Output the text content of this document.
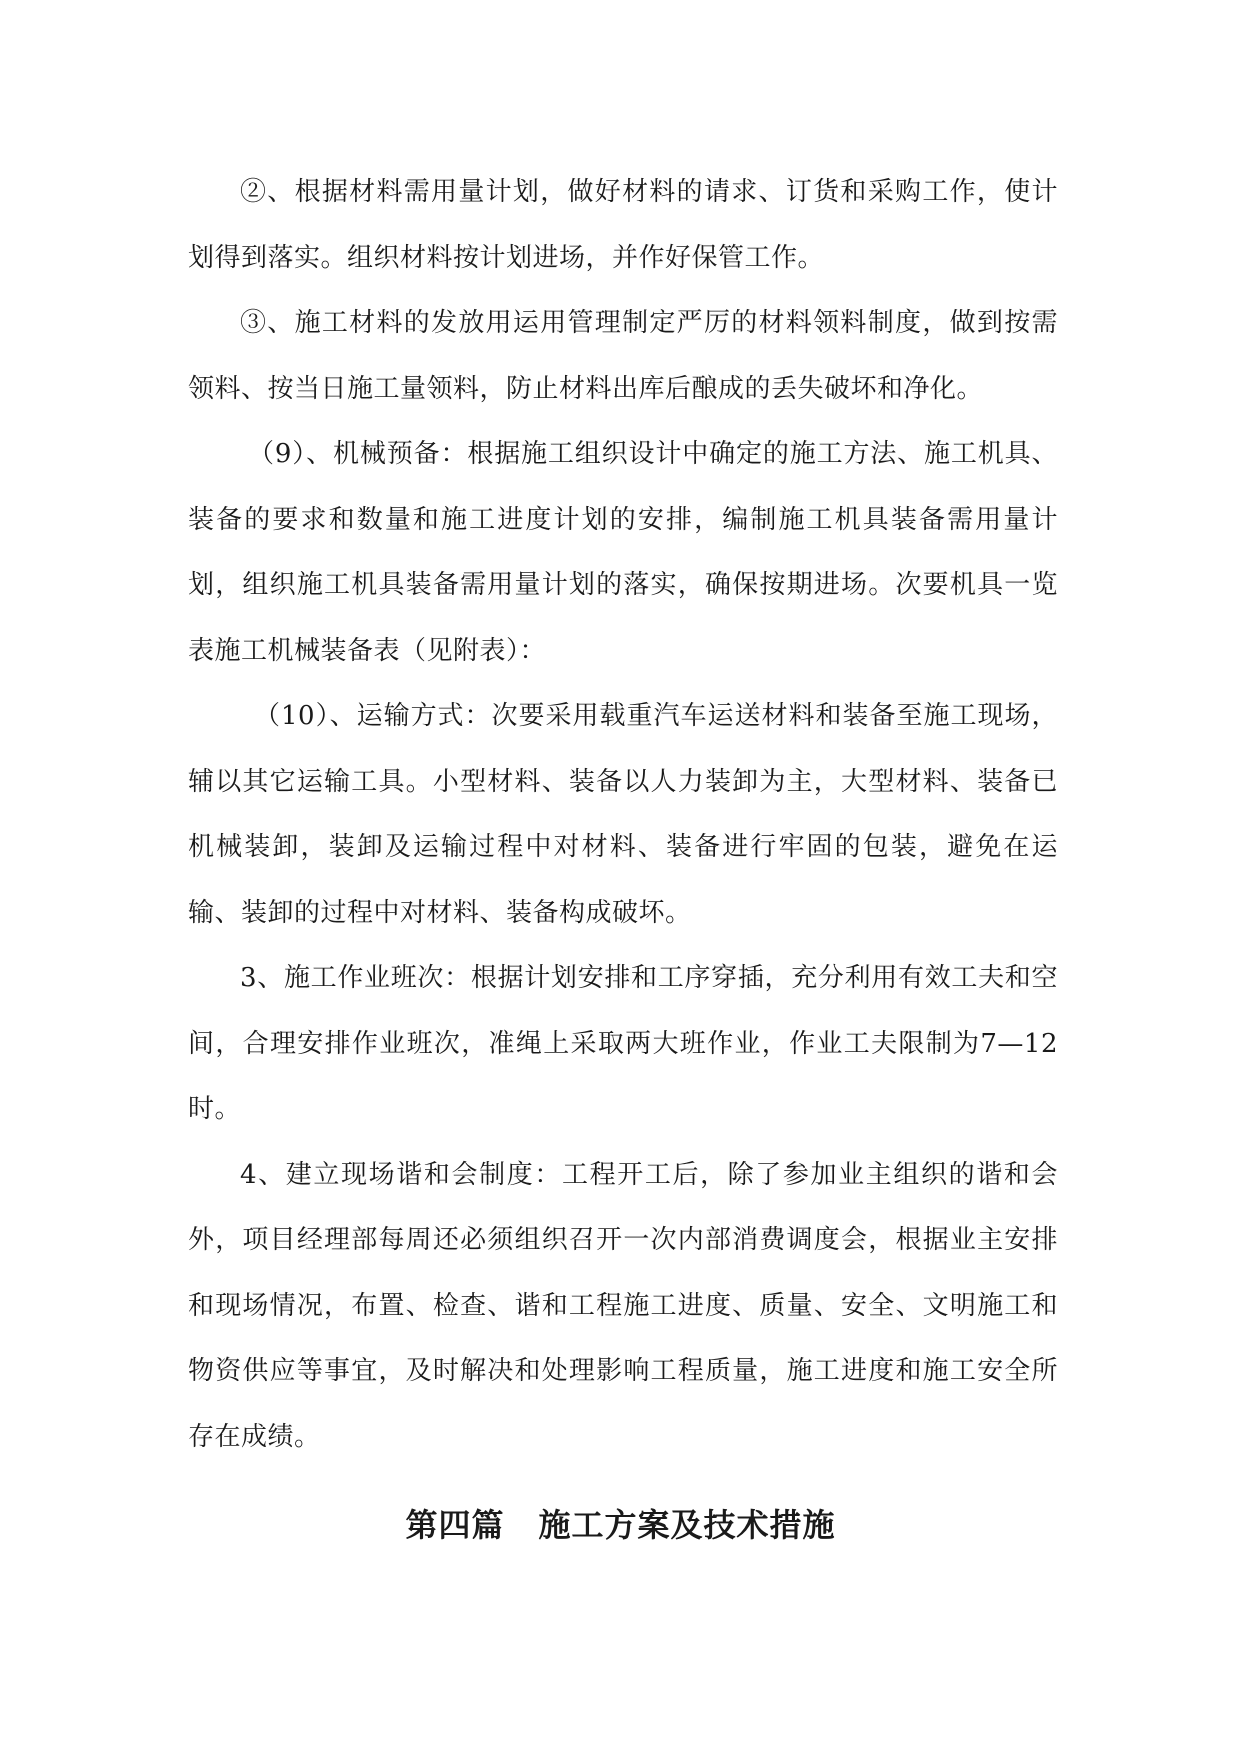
②、根据材料需用量计划，做好材料的请求、订货和采购工作，使计划得到落实。组织材料按计划进场，并作好保管工作。

③、施工材料的发放用运用管理制定严厉的材料领料制度，做到按需领料、按当日施工量领料，防止材料出库后酿成的丢失破坏和净化。

（9）、机械预备：根据施工组织设计中确定的施工方法、施工机具、装备的要求和数量和施工进度计划的安排，编制施工机具装备需用量计划，组织施工机具装备需用量计划的落实，确保按期进场。次要机具一览表施工机械装备表（见附表）：

（10）、运输方式：次要采用载重汽车运送材料和装备至施工现场，辅以其它运输工具。小型材料、装备以人力装卸为主，大型材料、装备已机械装卸，装卸及运输过程中对材料、装备进行牢固的包装，避免在运输、装卸的过程中对材料、装备构成破坏。

3、施工作业班次：根据计划安排和工序穿插，充分利用有效工夫和空间，合理安排作业班次，准绳上采取两大班作业，作业工夫限制为7—12时。

4、建立现场谐和会制度：工程开工后，除了参加业主组织的谐和会外，项目经理部每周还必须组织召开一次内部消费调度会，根据业主安排和现场情况，布置、检查、谐和工程施工进度、质量、安全、文明施工和物资供应等事宜，及时解决和处理影响工程质量，施工进度和施工安全所存在成绩。

第四篇 施工方案及技术措施
